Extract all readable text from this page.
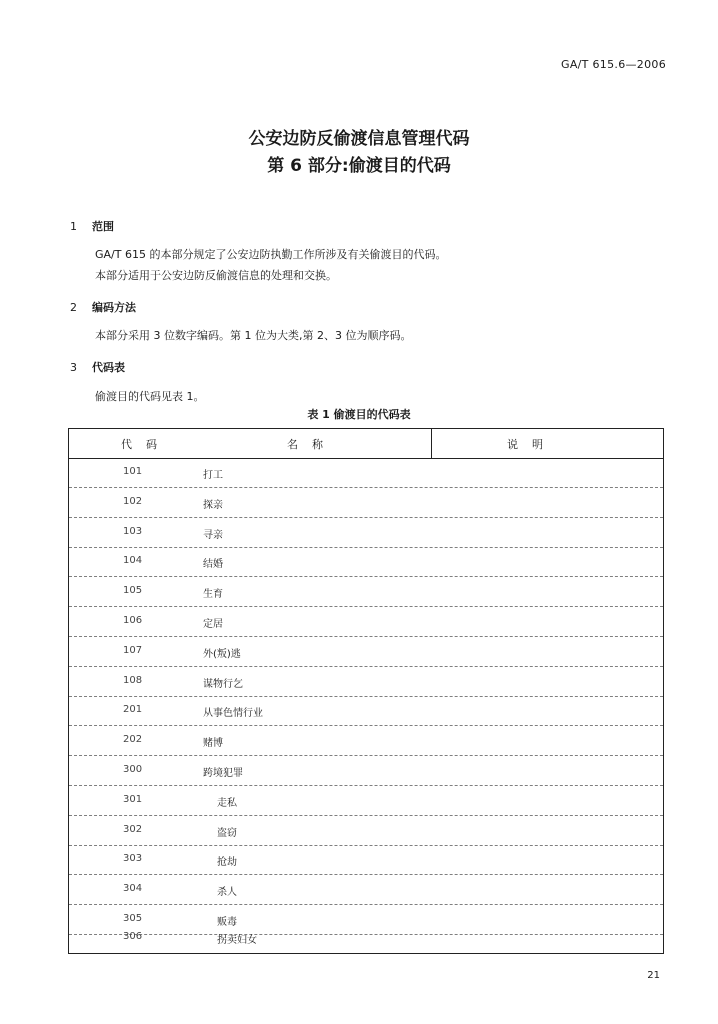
GA/T 615.6—2006
公安边防反偷渡信息管理代码
第 6 部分:偷渡目的代码
1 范围
GA/T 615 的本部分规定了公安边防执勤工作所涉及有关偷渡目的代码。
本部分适用于公安边防反偷渡信息的处理和交换。
2 编码方法
本部分采用 3 位数字编码。第 1 位为大类,第 2、3 位为顺序码。
3 代码表
偷渡目的代码见表 1。
表 1 偷渡目的代码表
代码	名称	说明
101	打工
102	探亲
103	寻亲
104	结婚
105	生育
106	定居
107	外(叛)逃
108	谋物行乞
201	从事色情行业
202	赌博
300	跨境犯罪
301	走私
302	盗窃
303	抢劫
304	杀人
305	贩毒
306	拐卖妇女
21
